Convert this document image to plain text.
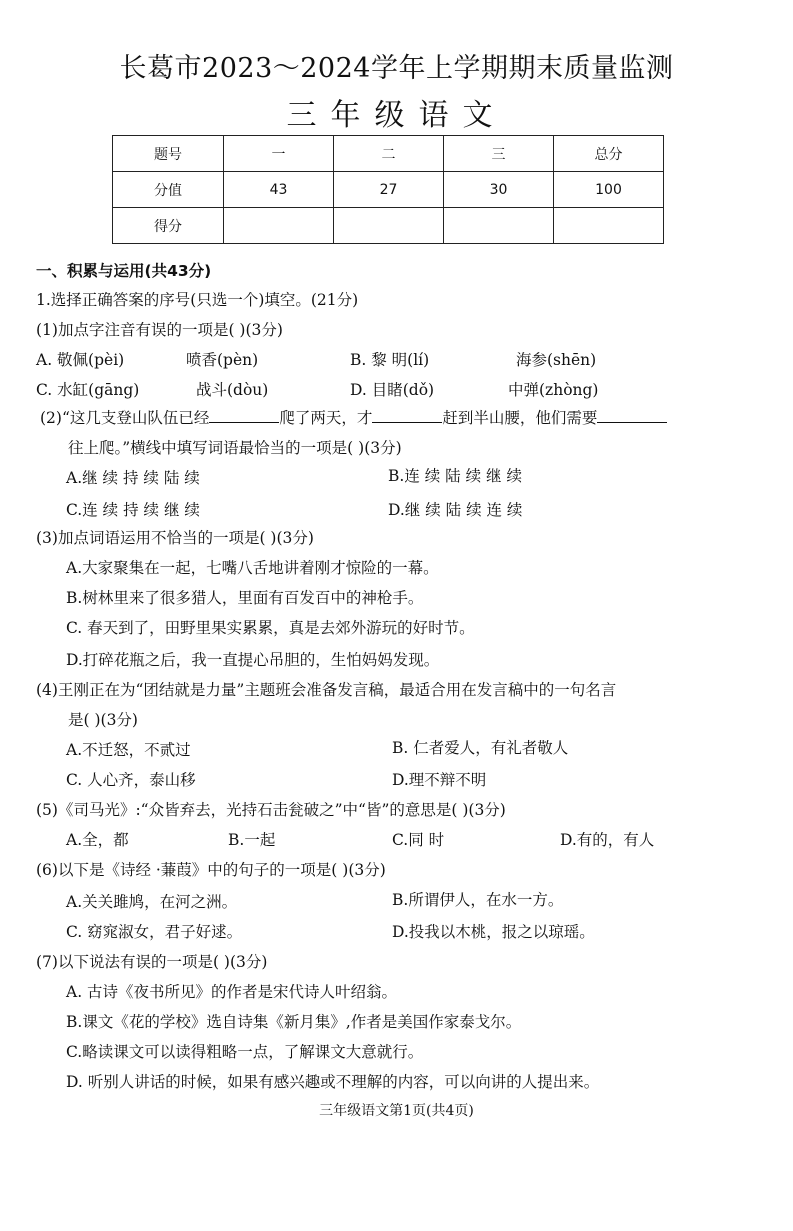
长葛市2023～2024学年上学期期末质量监测
三年级语文
题号	一	二	三	总分
分值	43	27	30	100
得分				
一、积累与运用(共43分)
1.选择正确答案的序号(只选一个)填空。(21分)
(1)加点字注音有误的一项是( )(3分)
A. 敬佩(pèi)	喷香(pèn)	B. 黎 明(lí)	海参(shēn)
C. 水缸(gāng)	战斗(dòu)	D. 目睹(dǒ)	中弹(zhòng)
(2)“这几支登山队伍已经	爬了两天，才	赶到半山腰，他们需要
往上爬。”横线中填写词语最恰当的一项是( )(3分)
A.继 续 持 续 陆 续	B.连 续 陆 续 继 续
C.连 续 持 续 继 续	D.继 续 陆 续 连 续
(3)加点词语运用不恰当的一项是( )(3分)
A.大家聚集在一起，七嘴八舌地讲着刚才惊险的一幕。
B.树林里来了很多猎人，里面有百发百中的神枪手。
C. 春天到了，田野里果实累累，真是去郊外游玩的好时节。
D.打碎花瓶之后，我一直提心吊胆的，生怕妈妈发现。
(4)王刚正在为“团结就是力量”主题班会准备发言稿，最适合用在发言稿中的一句名言
是( )(3分)
A.不迁怒，不贰过	B. 仁者爱人，有礼者敬人
C. 人心齐，泰山移	D.理不辩不明
(5)《司马光》:“众皆弃去，光持石击瓮破之”中“皆”的意思是( )(3分)
A.全，都	B.一起	C.同 时	D.有的，有人
(6)以下是《诗经 ·蒹葭》中的句子的一项是( )(3分)
A.关关雎鸠，在河之洲。	B.所谓伊人，在水一方。
C. 窈窕淑女，君子好逑。	D.投我以木桃，报之以琼瑶。
(7)以下说法有误的一项是( )(3分)
A. 古诗《夜书所见》的作者是宋代诗人叶绍翁。
B.课文《花的学校》选自诗集《新月集》,作者是美国作家泰戈尔。
C.略读课文可以读得粗略一点，了解课文大意就行。
D. 听别人讲话的时候，如果有感兴趣或不理解的内容，可以向讲的人提出来。
三年级语文第1页(共4页)
